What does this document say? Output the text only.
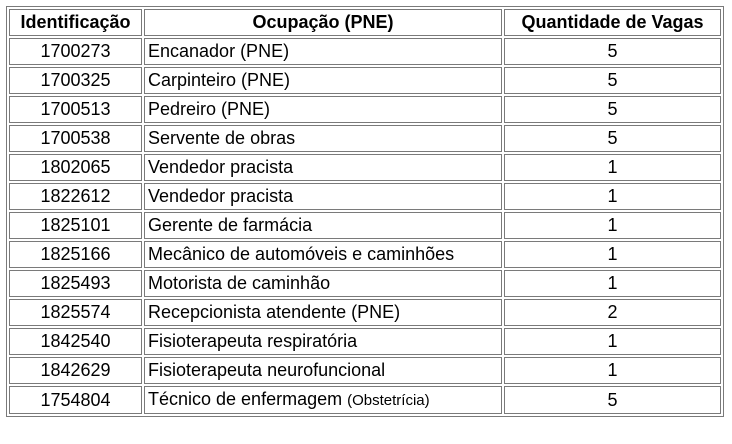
Identificação	Ocupação (PNE)	Quantidade de Vagas
1700273	Encanador (PNE)	5
1700325	Carpinteiro (PNE)	5
1700513	Pedreiro (PNE)	5
1700538	Servente de obras	5
1802065	Vendedor pracista	1
1822612	Vendedor pracista	1
1825101	Gerente de farmácia	1
1825166	Mecânico de automóveis e caminhões	1
1825493	Motorista de caminhão	1
1825574	Recepcionista atendente (PNE)	2
1842540	Fisioterapeuta respiratória	1
1842629	Fisioterapeuta neurofuncional	1
1754804	Técnico de enfermagem (Obstetrícia)	5
